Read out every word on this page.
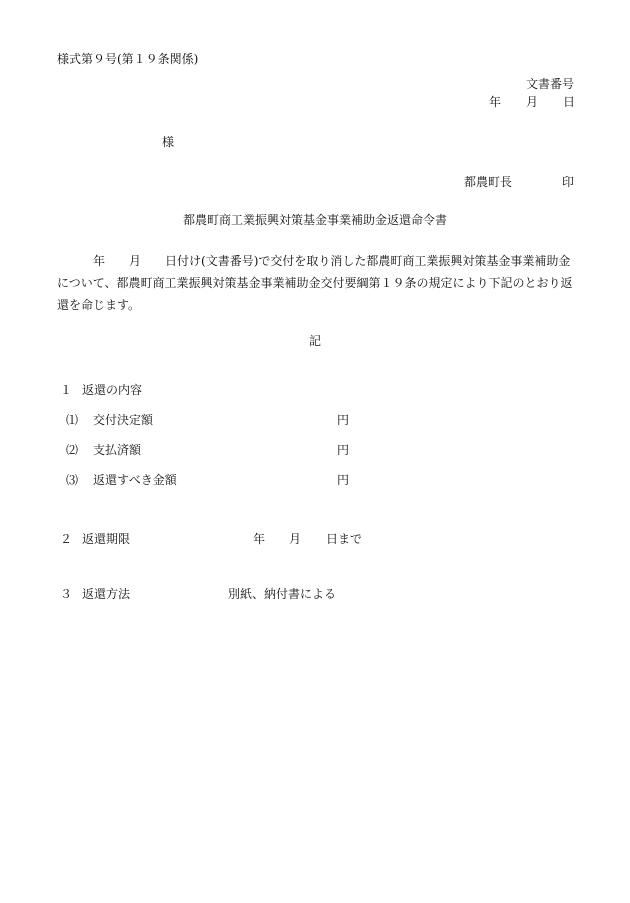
様式第９号(第１９条関係)
文書番号
年 月 日
様
都農町長	印
都農町商工業振興対策基金事業補助金返還命令書
年 月 日付け(文書番号)で交付を取り消した都農町商工業振興対策基金事業補助金について、都農町商工業振興対策基金事業補助金交付要綱第１９条の規定により下記のとおり返還を命じます。
記
１ 返還の内容
⑴ 交付決定額	円
⑵ 支払済額	円
⑶ 返還すべき金額	円
２ 返還期限	年 月 日まで
３ 返還方法	別紙、納付書による
